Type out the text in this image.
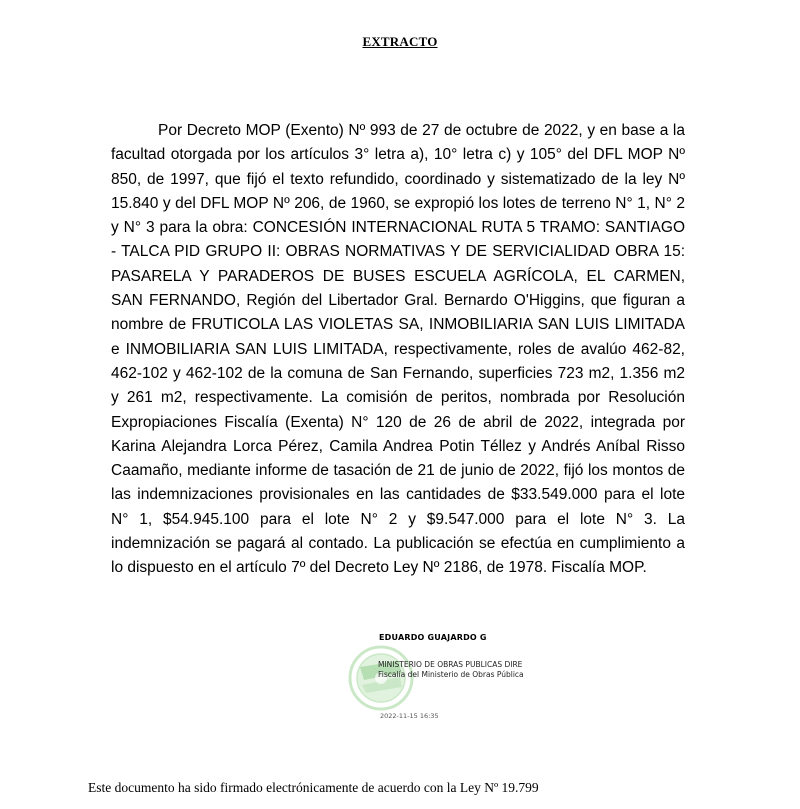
EXTRACTO

Por Decreto MOP (Exento) Nº 993 de 27 de octubre de 2022, y en base a la facultad otorgada por los artículos 3° letra a), 10° letra c) y 105° del DFL MOP Nº 850, de 1997, que fijó el texto refundido, coordinado y sistematizado de la ley Nº 15.840 y del DFL MOP Nº 206, de 1960, se expropió los lotes de terreno N° 1, N° 2 y N° 3 para la obra: CONCESIÓN INTERNACIONAL RUTA 5 TRAMO: SANTIAGO - TALCA PID GRUPO II: OBRAS NORMATIVAS Y DE SERVICIALIDAD OBRA 15: PASARELA Y PARADEROS DE BUSES ESCUELA AGRÍCOLA, EL CARMEN, SAN FERNANDO, Región del Libertador Gral. Bernardo O'Higgins, que figuran a nombre de FRUTICOLA LAS VIOLETAS SA, INMOBILIARIA SAN LUIS LIMITADA e INMOBILIARIA SAN LUIS LIMITADA, respectivamente, roles de avalúo 462-82, 462-102 y 462-102 de la comuna de San Fernando, superficies 723 m2, 1.356 m2 y 261 m2, respectivamente. La comisión de peritos, nombrada por Resolución Expropiaciones Fiscalía (Exenta) N° 120 de 26 de abril de 2022, integrada por Karina Alejandra Lorca Pérez, Camila Andrea Potin Téllez y Andrés Aníbal Risso Caamaño, mediante informe de tasación de 21 de junio de 2022, fijó los montos de las indemnizaciones provisionales en las cantidades de $33.549.000 para el lote N° 1, $54.945.100 para el lote N° 2 y $9.547.000 para el lote N° 3. La indemnización se pagará al contado. La publicación se efectúa en cumplimiento a lo dispuesto en el artículo 7º del Decreto Ley Nº 2186, de 1978. Fiscalía MOP.

EDUARDO GUAJARDO G
MINISTERIO DE OBRAS PUBLICAS DIRE
Fiscalía del Ministerio de Obras Pública
2022-11-15 16:35
Este documento ha sido firmado electrónicamente de acuerdo con la Ley Nº 19.799
